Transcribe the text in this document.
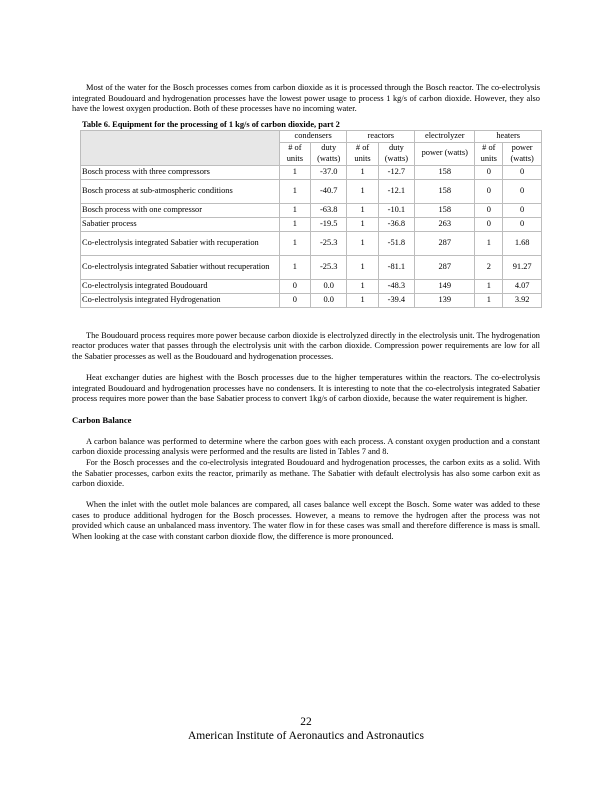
Most of the water for the Bosch processes comes from carbon dioxide as it is processed through the Bosch reactor. The co-electrolysis integrated Boudouard and hydrogenation processes have the lowest power usage to process 1 kg/s of carbon dioxide. However, they also have the lowest oxygen production. Both of these processes have no incoming water.

Table 6. Equipment for the processing of 1 kg/s of carbon dioxide, part 2
	condensers		reactors		electrolyzer	heaters	
	# of units	duty (watts)	# of units	duty (watts)	power (watts)	# of units	power (watts)
Bosch process with three compressors	1	-37.0	1	-12.7	158	0	0
Bosch process at sub-atmospheric conditions	1	-40.7	1	-12.1	158	0	0
Bosch process with one compressor	1	-63.8	1	-10.1	158	0	0
Sabatier process	1	-19.5	1	-36.8	263	0	0
Co-electrolysis integrated Sabatier with recuperation	1	-25.3	1	-51.8	287	1	1.68
Co-electrolysis integrated Sabatier without recuperation	1	-25.3	1	-81.1	287	2	91.27
Co-electrolysis integrated Boudouard	0	0.0	1	-48.3	149	1	4.07
Co-electrolysis integrated Hydrogenation	0	0.0	1	-39.4	139	1	3.92

The Boudouard process requires more power because carbon dioxide is electrolyzed directly in the electrolysis unit. The hydrogenation reactor produces water that passes through the electrolysis unit with the carbon dioxide. Compression power requirements are low for all the Sabatier processes as well as the Boudouard and hydrogenation processes.

Heat exchanger duties are highest with the Bosch processes due to the higher temperatures within the reactors. The co-electrolysis integrated Boudouard and hydrogenation processes have no condensers. It is interesting to note that the co-electrolysis integrated Sabatier process requires more power than the base Sabatier process to convert 1kg/s of carbon dioxide, because the water requirement is higher.

Carbon Balance

A carbon balance was performed to determine where the carbon goes with each process. A constant oxygen production and a constant carbon dioxide processing analysis were performed and the results are listed in Tables 7 and 8.

For the Bosch processes and the co-electrolysis integrated Boudouard and hydrogenation processes, the carbon exits as a solid. With the Sabatier processes, carbon exits the reactor, primarily as methane. The Sabatier with default electrolysis has also some carbon exit as carbon dioxide.

When the inlet with the outlet mole balances are compared, all cases balance well except the Bosch. Some water was added to these cases to produce additional hydrogen for the Bosch processes. However, a means to remove the hydrogen after the process was not provided which cause an unbalanced mass inventory. The water flow in for these cases was small and therefore difference is mass is small. When looking at the case with constant carbon dioxide flow, the difference is more pronounced.

22
American Institute of Aeronautics and Astronautics
